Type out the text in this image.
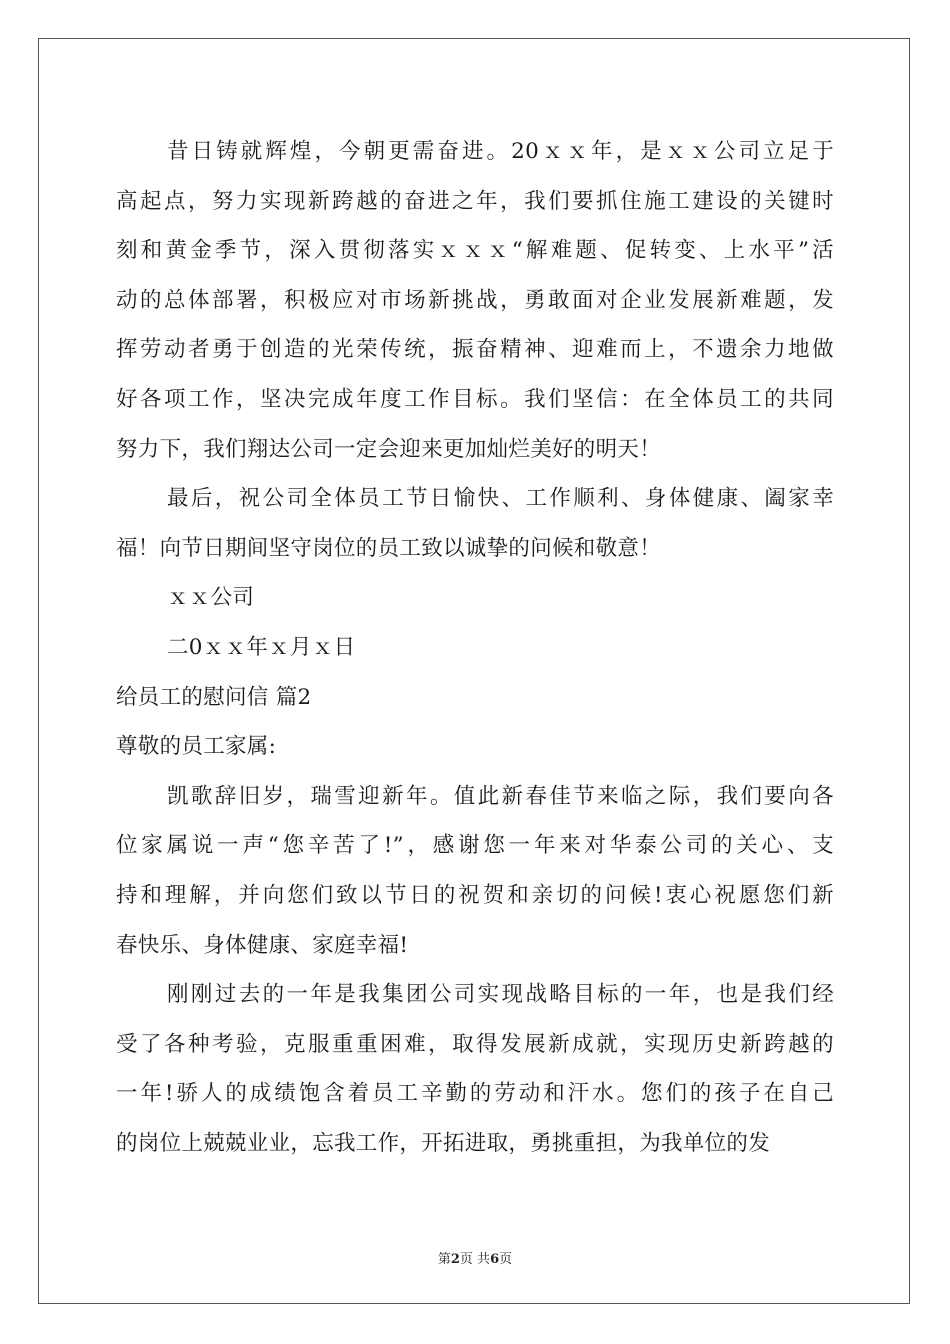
昔日铸就辉煌，今朝更需奋进。20ｘｘ年，是ｘｘ公司立足于
高起点，努力实现新跨越的奋进之年，我们要抓住施工建设的关键时
刻和黄金季节，深入贯彻落实ｘｘｘ“解难题、促转变、上水平”活
动的总体部署，积极应对市场新挑战，勇敢面对企业发展新难题，发
挥劳动者勇于创造的光荣传统，振奋精神、迎难而上，不遗余力地做
好各项工作，坚决完成年度工作目标。我们坚信：在全体员工的共同
努力下，我们翔达公司一定会迎来更加灿烂美好的明天！
最后，祝公司全体员工节日愉快、工作顺利、身体健康、阖家幸
福！向节日期间坚守岗位的员工致以诚挚的问候和敬意！
ｘｘ公司
二0ｘｘ年ｘ月ｘ日
给员工的慰问信 篇2
尊敬的员工家属:
凯歌辞旧岁，瑞雪迎新年。值此新春佳节来临之际，我们要向各
位家属说一声“您辛苦了!”，感谢您一年来对华泰公司的关心、支
持和理解，并向您们致以节日的祝贺和亲切的问候!衷心祝愿您们新
春快乐、身体健康、家庭幸福!
刚刚过去的一年是我集团公司实现战略目标的一年，也是我们经
受了各种考验，克服重重困难，取得发展新成就，实现历史新跨越的
一年!骄人的成绩饱含着员工辛勤的劳动和汗水。您们的孩子在自己
的岗位上兢兢业业，忘我工作，开拓进取，勇挑重担，为我单位的发
第2页 共6页
